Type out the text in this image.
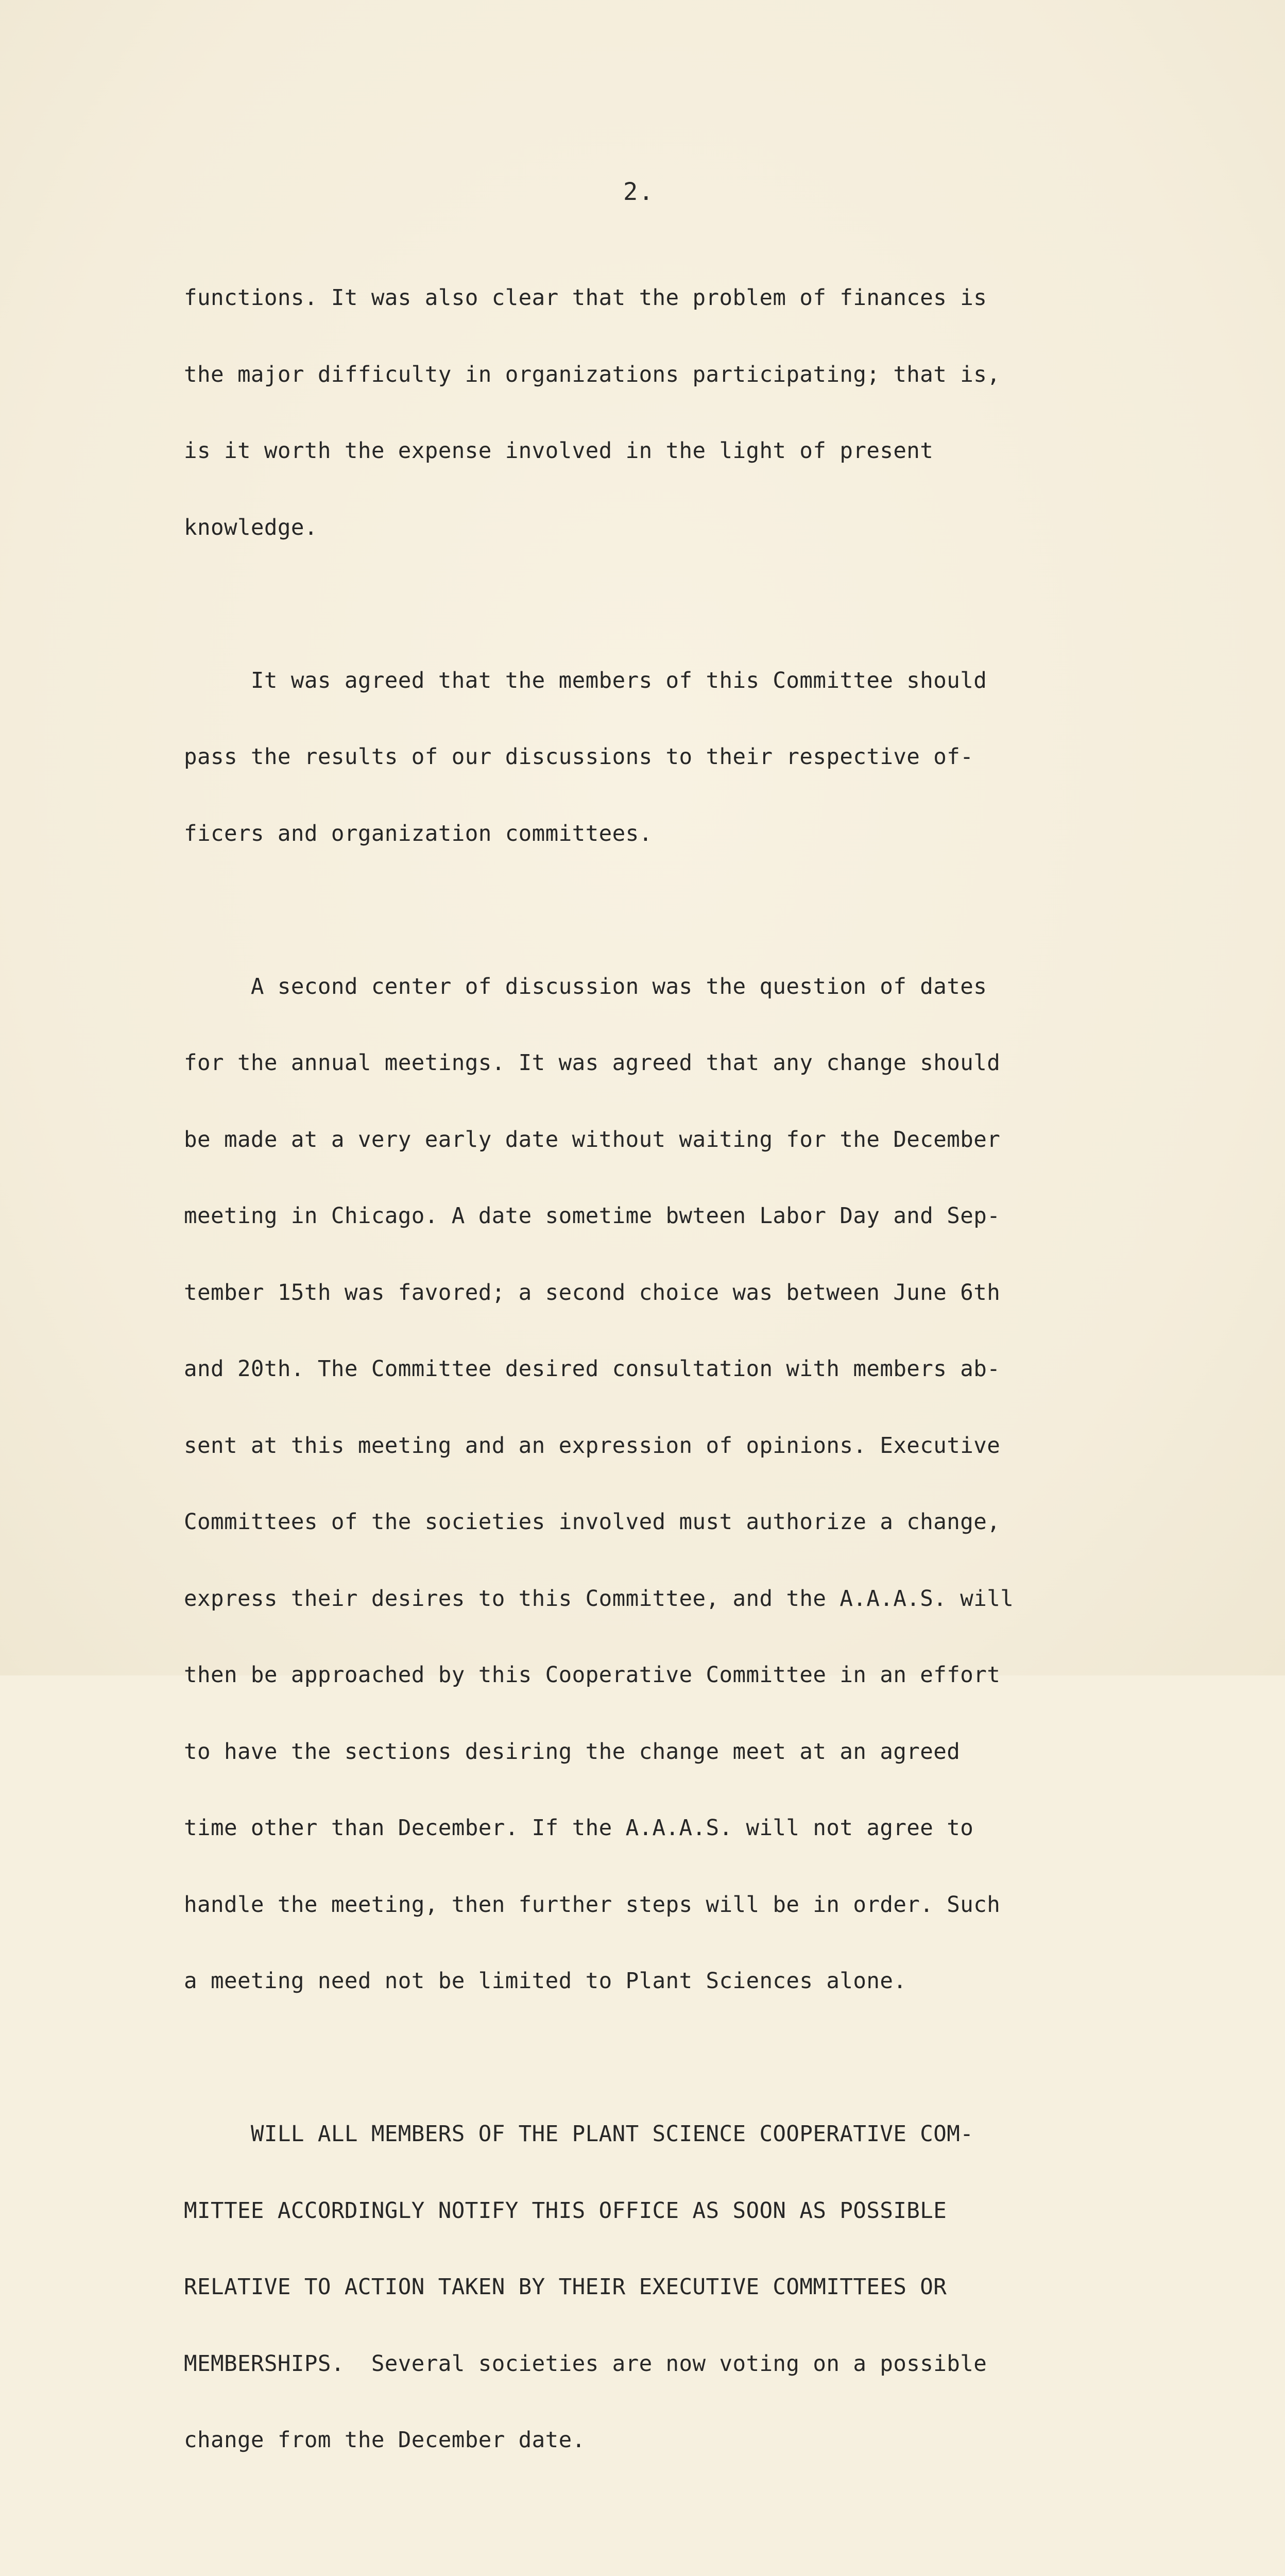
2.

functions. It was also clear that the problem of finances is

the major difficulty in organizations participating; that is,

is it worth the expense involved in the light of present

knowledge.

It was agreed that the members of this Committee should

pass the results of our discussions to their respective of-

ficers and organization committees.

A second center of discussion was the question of dates

for the annual meetings. It was agreed that any change should

be made at a very early date without waiting for the December

meeting in Chicago. A date sometime bwteen Labor Day and Sep-

tember 15th was favored; a second choice was between June 6th

and 20th. The Committee desired consultation with members ab-

sent at this meeting and an expression of opinions. Executive

Committees of the societies involved must authorize a change,

express their desires to this Committee, and the A.A.A.S. will

then be approached by this Cooperative Committee in an effort

to have the sections desiring the change meet at an agreed

time other than December. If the A.A.A.S. will not agree to

handle the meeting, then further steps will be in order. Such

a meeting need not be limited to Plant Sciences alone.

WILL ALL MEMBERS OF THE PLANT SCIENCE COOPERATIVE COM-

MITTEE ACCORDINGLY NOTIFY THIS OFFICE AS SOON AS POSSIBLE

RELATIVE TO ACTION TAKEN BY THEIR EXECUTIVE COMMITTEES OR

MEMBERSHIPS.  Several societies are now voting on a possible

change from the December date.
